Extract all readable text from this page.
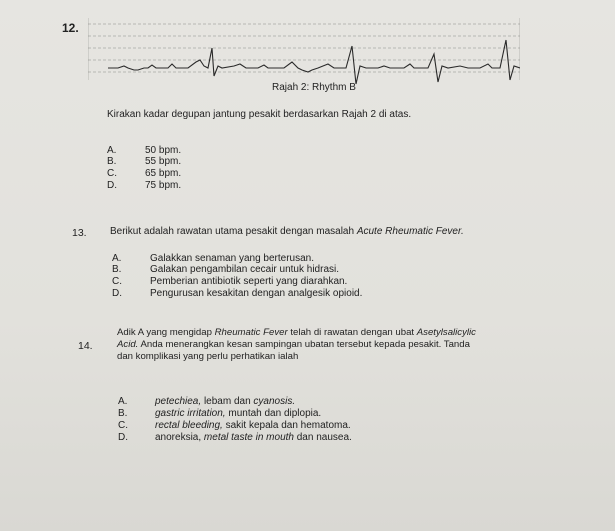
12.
Rajah 2: Rhythm B
Kirakan kadar degupan jantung pesakit berdasarkan Rajah 2 di atas.
A.	50 bpm.
B.	55 bpm.
C.	65 bpm.
D.	75 bpm.
13. Berikut adalah rawatan utama pesakit dengan masalah Acute Rheumatic Fever.
A.	Galakkan senaman yang berterusan.
B.	Galakan pengambilan cecair untuk hidrasi.
C.	Pemberian antibiotik seperti yang diarahkan.
D.	Pengurusan kesakitan dengan analgesik opioid.
14.
Adik A yang mengidap Rheumatic Fever telah di rawatan dengan ubat Asetylsalicylic
Acid. Anda menerangkan kesan sampingan ubatan tersebut kepada pesakit. Tanda
dan komplikasi yang perlu perhatikan ialah
A.	petechiea, lebam dan cyanosis.
B.	gastric irritation, muntah dan diplopia.
C.	rectal bleeding, sakit kepala dan hematoma.
D.	anoreksia, metal taste in mouth dan nausea.
